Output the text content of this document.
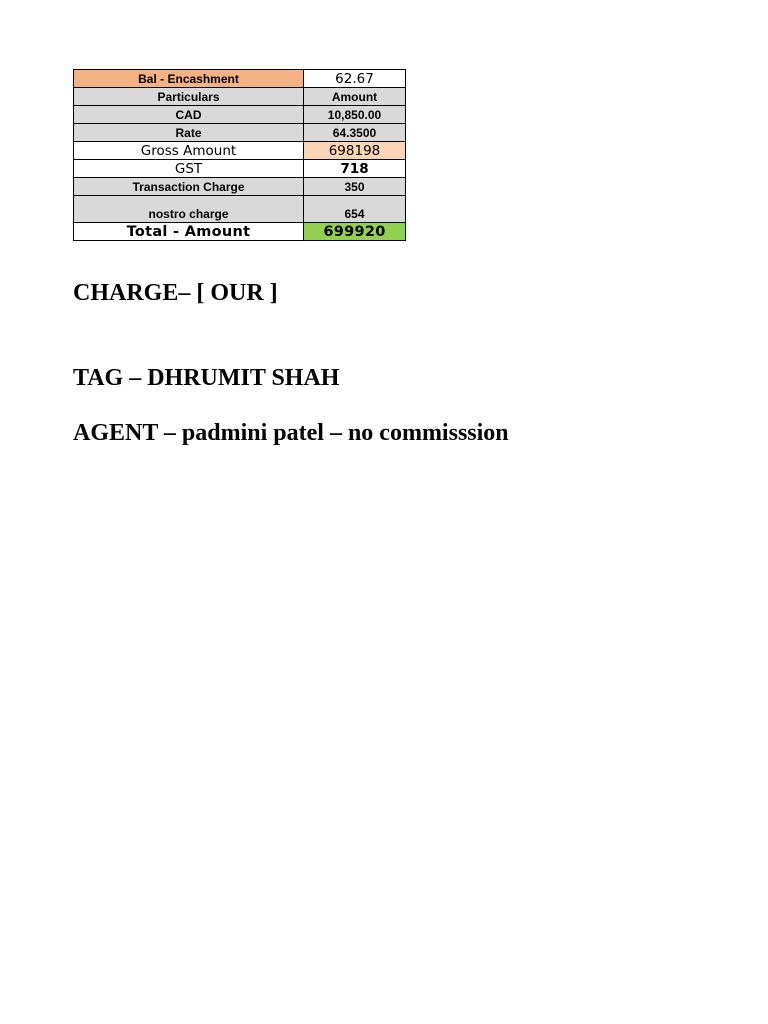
Bal - Encashment	62.67
Particulars	Amount
CAD	10,850.00
Rate	64.3500
Gross Amount	698198
GST	718
Transaction Charge	350
nostro charge	654
Total - Amount	699920

CHARGE– [ OUR ]

TAG – DHRUMIT SHAH

AGENT – padmini patel – no commisssion
